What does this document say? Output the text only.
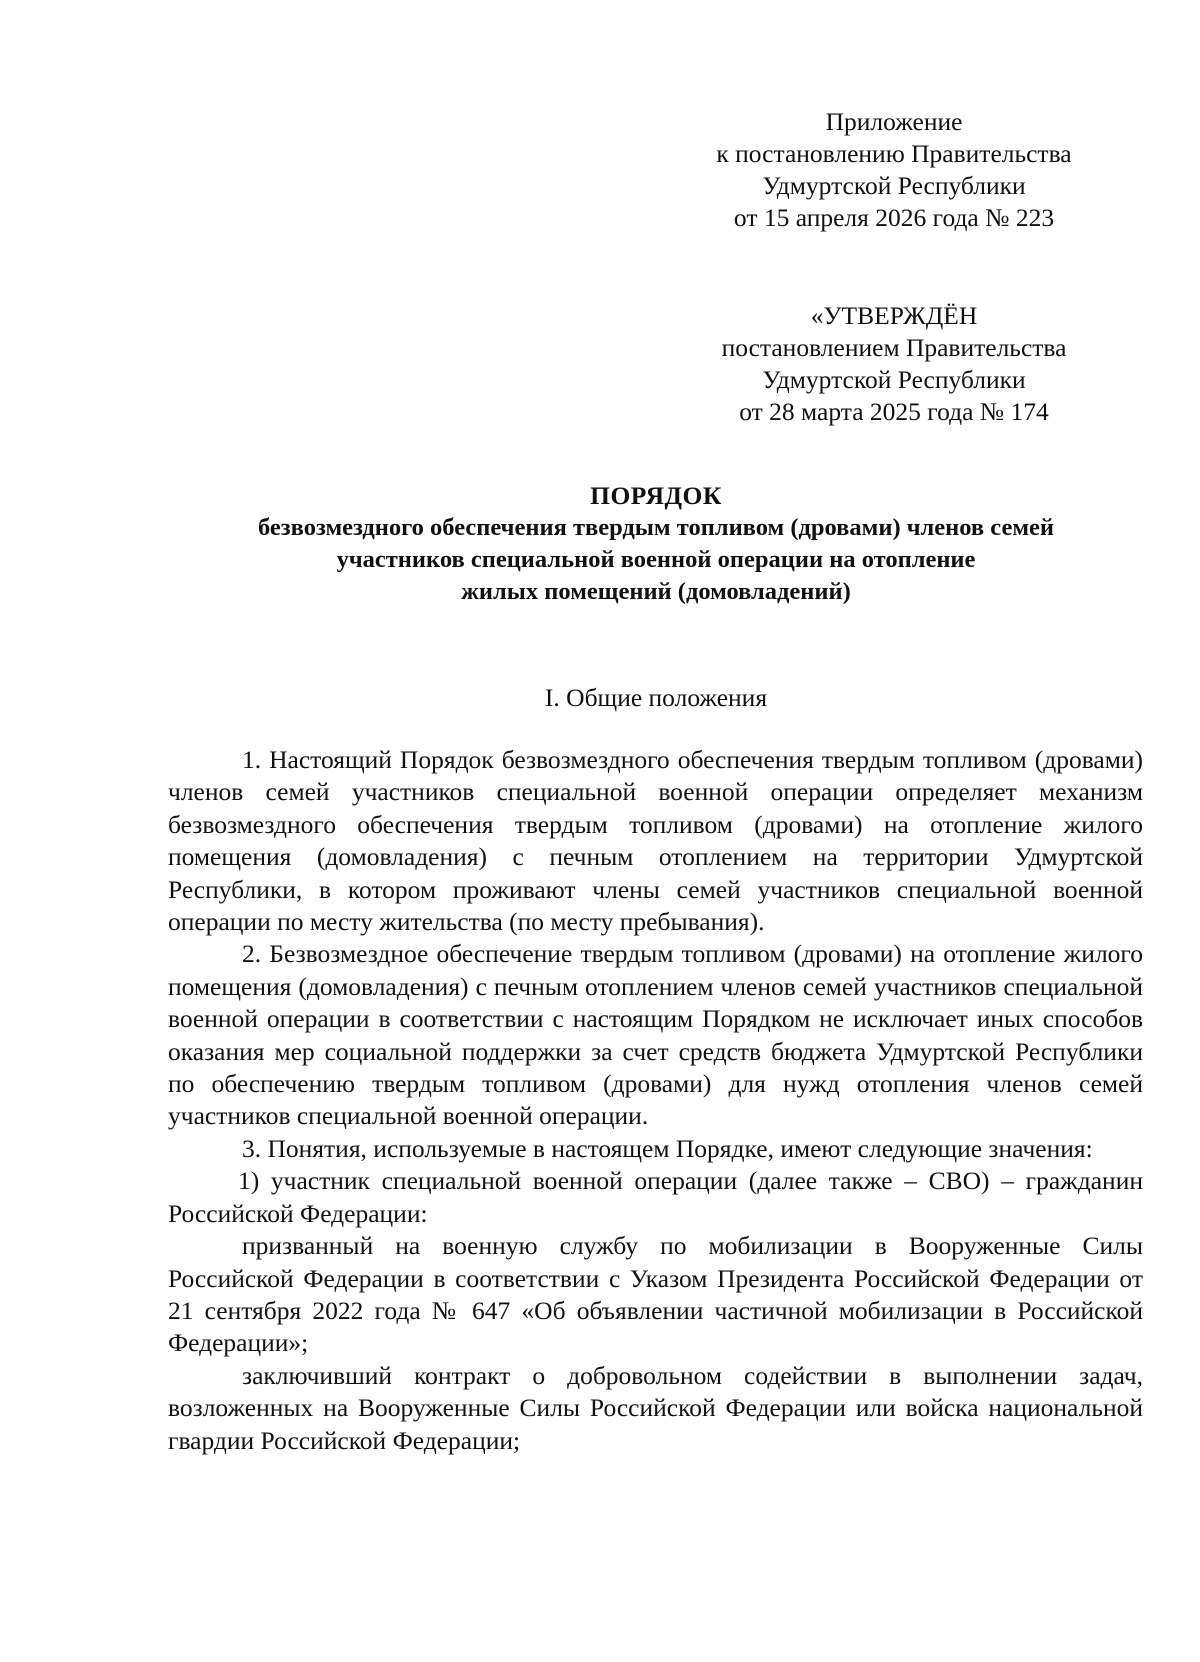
Приложение
к постановлению Правительства
Удмуртской Республики
от 15 апреля 2026 года № 223
«УТВЕРЖДЁН
постановлением Правительства
Удмуртской Республики
от 28 марта 2025 года № 174
ПОРЯДОК
безвозмездного обеспечения твердым топливом (дровами) членов семей
участников специальной военной операции на отопление
жилых помещений (домовладений)
I. Общие положения

1. Настоящий Порядок безвозмездного обеспечения твердым топливом (дровами) членов семей участников специальной военной операции определяет механизм безвозмездного обеспечения твердым топливом (дровами) на отопление жилого помещения (домовладения) с печным отоплением на территории Удмуртской Республики, в котором проживают члены семей участников специальной военной операции по месту жительства (по месту пребывания).

2. Безвозмездное обеспечение твердым топливом (дровами) на отопление жилого помещения (домовладения) с печным отоплением членов семей участников специальной военной операции в соответствии с настоящим Порядком не исключает иных способов оказания мер социальной поддержки за счет средств бюджета Удмуртской Республики по обеспечению твердым топливом (дровами) для нужд отопления членов семей участников специальной военной операции.

3. Понятия, используемые в настоящем Порядке, имеют следующие значения:

1) участник специальной военной операции (далее также – СВО) – гражданин Российской Федерации:

призванный на военную службу по мобилизации в Вооруженные Силы Российской Федерации в соответствии с Указом Президента Российской Федерации от 21 сентября 2022 года № 647 «Об объявлении частичной мобилизации в Российской Федерации»;

заключивший контракт о добровольном содействии в выполнении задач, возложенных на Вооруженные Силы Российской Федерации или войска национальной гвардии Российской Федерации;
